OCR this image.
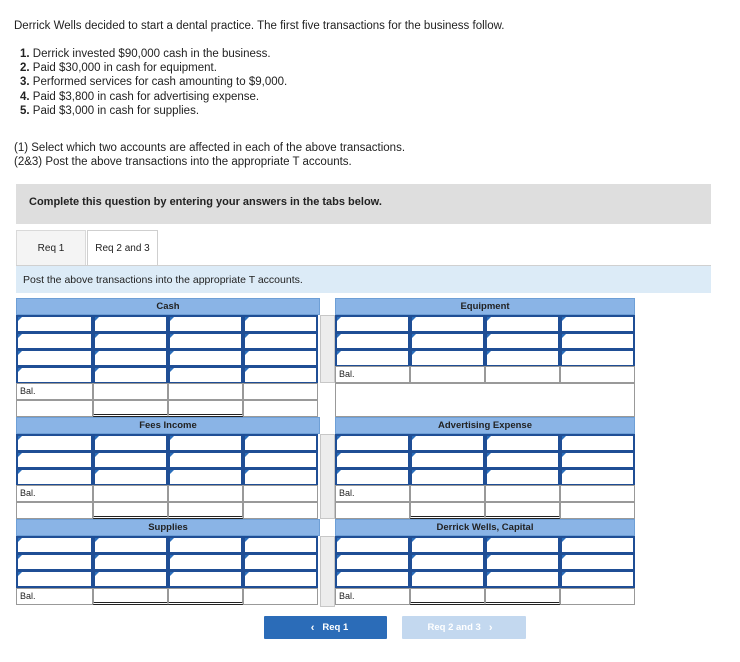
Derrick Wells decided to start a dental practice. The first five transactions for the business follow.
1. Derrick invested $90,000 cash in the business.
2. Paid $30,000 in cash for equipment.
3. Performed services for cash amounting to $9,000.
4. Paid $3,800 in cash for advertising expense.
5. Paid $3,000 in cash for supplies.
(1) Select which two accounts are affected in each of the above transactions.
(2&3) Post the above transactions into the appropriate T accounts.
Complete this question by entering your answers in the tabs below.
Req 1	Req 2 and 3
Post the above transactions into the appropriate T accounts.
Cash	Equipment
Bal.
Bal.
Fees Income	Advertising Expense
Bal.	Bal.
Supplies	Derrick Wells, Capital
Bal.	Bal.
‹ Req 1	Req 2 and 3 ›
